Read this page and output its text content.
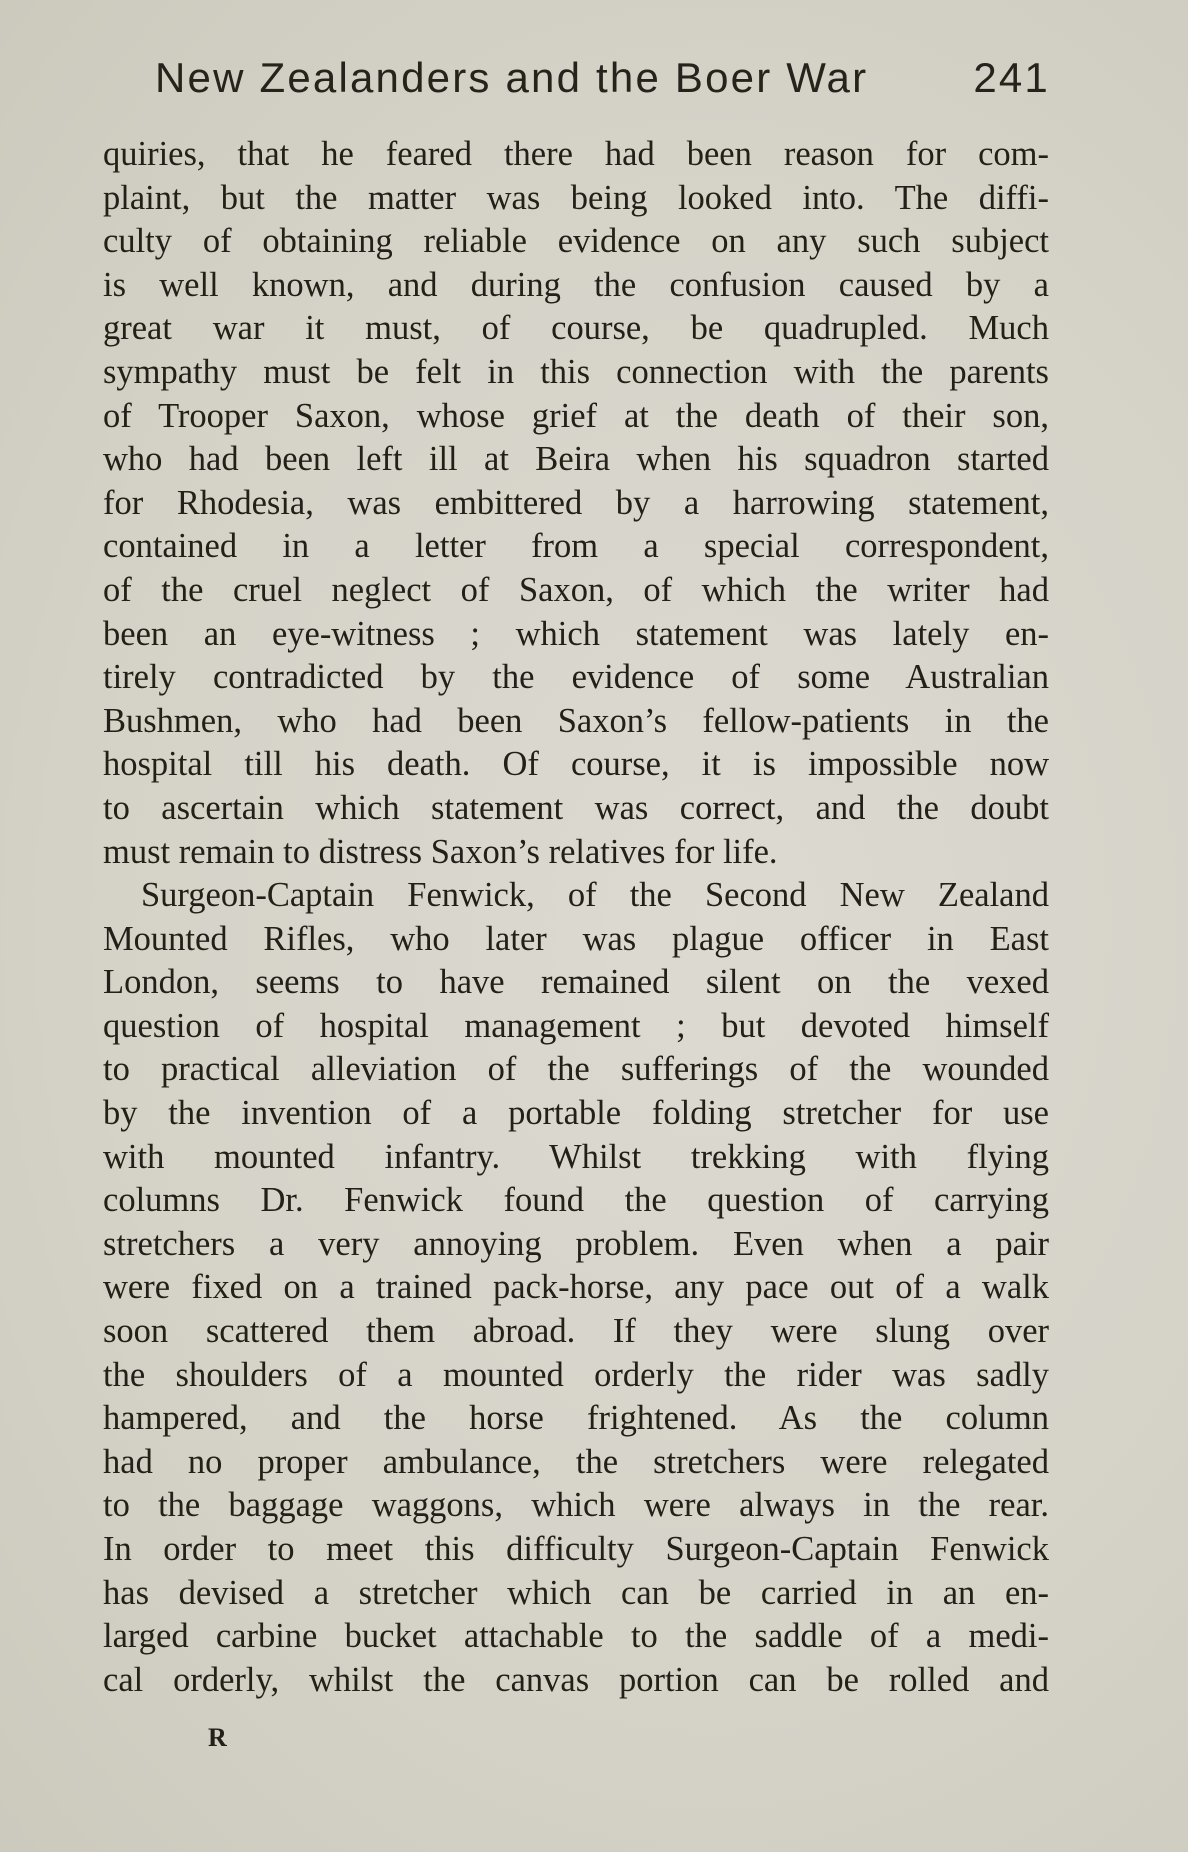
New Zealanders and the Boer War	241
quiries, that he feared there had been reason for com-
plaint, but the matter was being looked into. The diffi-
culty of obtaining reliable evidence on any such subject
is well known, and during the confusion caused by a
great war it must, of course, be quadrupled. Much
sympathy must be felt in this connection with the parents
of Trooper Saxon, whose grief at the death of their son,
who had been left ill at Beira when his squadron started
for Rhodesia, was embittered by a harrowing statement,
contained in a letter from a special correspondent,
of the cruel neglect of Saxon, of which the writer had
been an eye-witness ; which statement was lately en-
tirely contradicted by the evidence of some Australian
Bushmen, who had been Saxon’s fellow-patients in the
hospital till his death. Of course, it is impossible now
to ascertain which statement was correct, and the doubt
must remain to distress Saxon’s relatives for life.
Surgeon-Captain Fenwick, of the Second New Zealand
Mounted Rifles, who later was plague officer in East
London, seems to have remained silent on the vexed
question of hospital management ; but devoted himself
to practical alleviation of the sufferings of the wounded
by the invention of a portable folding stretcher for use
with mounted infantry. Whilst trekking with flying
columns Dr. Fenwick found the question of carrying
stretchers a very annoying problem. Even when a pair
were fixed on a trained pack-horse, any pace out of a walk
soon scattered them abroad. If they were slung over
the shoulders of a mounted orderly the rider was sadly
hampered, and the horse frightened. As the column
had no proper ambulance, the stretchers were relegated
to the baggage waggons, which were always in the rear.
In order to meet this difficulty Surgeon-Captain Fenwick
has devised a stretcher which can be carried in an en-
larged carbine bucket attachable to the saddle of a medi-
cal orderly, whilst the canvas portion can be rolled and
R
